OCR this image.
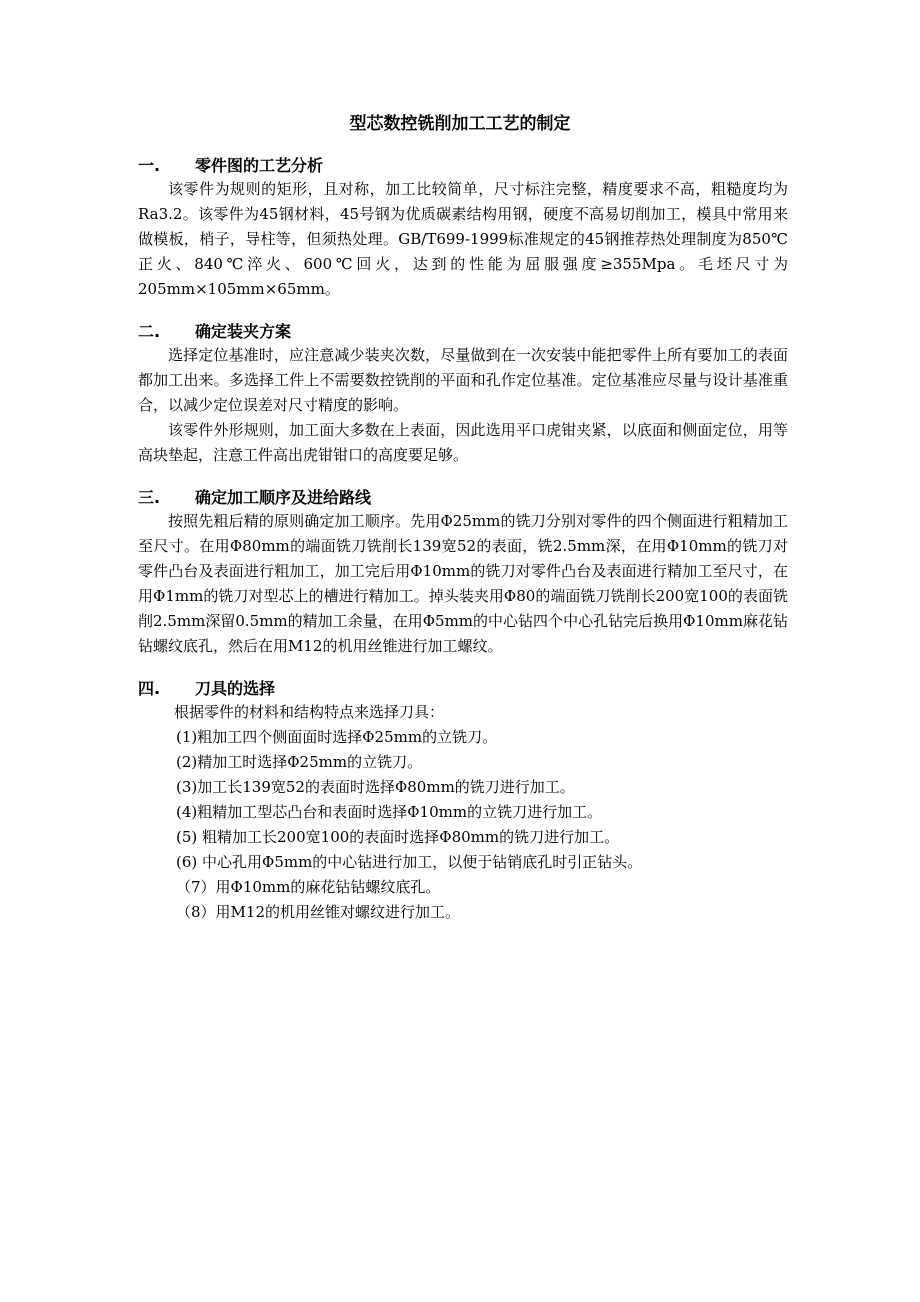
型芯数控铣削加工工艺的制定
一.	零件图的工艺分析

该零件为规则的矩形，且对称，加工比较简单，尺寸标注完整，精度要求不高，粗糙度均为Ra3.2。该零件为45钢材料，45号钢为优质碳素结构用钢，硬度不高易切削加工，模具中常用来做模板，梢子，导柱等，但须热处理。GB/T699-1999标准规定的45钢推荐热处理制度为850℃正火、840℃淬火、600℃回火，达到的性能为屈服强度≥355Mpa。毛坯尺寸为205mm×105mm×65mm。

二.	确定装夹方案

选择定位基准时，应注意减少装夹次数，尽量做到在一次安装中能把零件上所有要加工的表面都加工出来。多选择工件上不需要数控铣削的平面和孔作定位基准。定位基准应尽量与设计基准重合，以减少定位误差对尺寸精度的影响。

该零件外形规则，加工面大多数在上表面，因此选用平口虎钳夹紧，以底面和侧面定位，用等高块垫起，注意工件高出虎钳钳口的高度要足够。

三.	确定加工顺序及进给路线

按照先粗后精的原则确定加工顺序。先用Φ25mm的铣刀分别对零件的四个侧面进行粗精加工至尺寸。在用Φ80mm的端面铣刀铣削长139宽52的表面，铣2.5mm深，在用Φ10mm的铣刀对零件凸台及表面进行粗加工，加工完后用Φ10mm的铣刀对零件凸台及表面进行精加工至尺寸，在用Φ1mm的铣刀对型芯上的槽进行精加工。掉头装夹用Φ80的端面铣刀铣削长200宽100的表面铣削2.5mm深留0.5mm的精加工余量，在用Φ5mm的中心钻四个中心孔钻完后换用Φ10mm麻花钻钻螺纹底孔，然后在用M12的机用丝锥进行加工螺纹。

四.	刀具的选择

根据零件的材料和结构特点来选择刀具：

(1)粗加工四个侧面面时选择Φ25mm的立铣刀。

(2)精加工时选择Φ25mm的立铣刀。

(3)加工长139宽52的表面时选择Φ80mm的铣刀进行加工。

(4)粗精加工型芯凸台和表面时选择Φ10mm的立铣刀进行加工。

(5) 粗精加工长200宽100的表面时选择Φ80mm的铣刀进行加工。

(6) 中心孔用Φ5mm的中心钻进行加工，以便于钻销底孔时引正钻头。

（7）用Φ10mm的麻花钻钻螺纹底孔。

（8）用M12的机用丝锥对螺纹进行加工。
